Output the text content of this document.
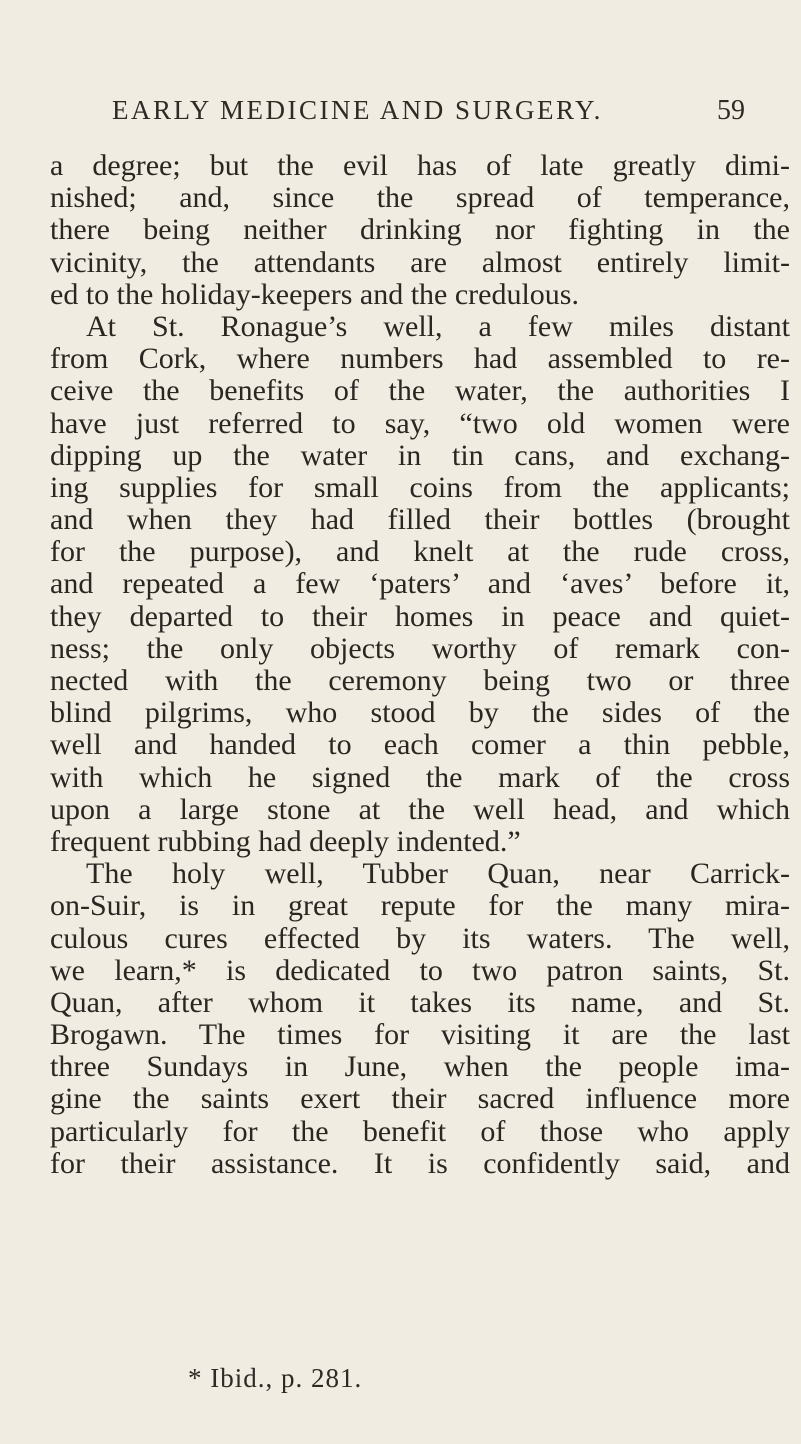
EARLY MEDICINE AND SURGERY.	59
a degree; but the evil has of late greatly dimi-
nished; and, since the spread of temperance,
there being neither drinking nor fighting in the
vicinity, the attendants are almost entirely limit-
ed to the holiday-keepers and the credulous.
At St. Ronague’s well, a few miles distant
from Cork, where numbers had assembled to re-
ceive the benefits of the water, the authorities I
have just referred to say, “two old women were
dipping up the water in tin cans, and exchang-
ing supplies for small coins from the applicants;
and when they had filled their bottles (brought
for the purpose), and knelt at the rude cross,
and repeated a few ‘paters’ and ‘aves’ before it,
they departed to their homes in peace and quiet-
ness; the only objects worthy of remark con-
nected with the ceremony being two or three
blind pilgrims, who stood by the sides of the
well and handed to each comer a thin pebble,
with which he signed the mark of the cross
upon a large stone at the well head, and which
frequent rubbing had deeply indented.”
The holy well, Tubber Quan, near Carrick-
on-Suir, is in great repute for the many mira-
culous cures effected by its waters. The well,
we learn,* is dedicated to two patron saints, St.
Quan, after whom it takes its name, and St.
Brogawn. The times for visiting it are the last
three Sundays in June, when the people ima-
gine the saints exert their sacred influence more
particularly for the benefit of those who apply
for their assistance. It is confidently said, and
* Ibid., p. 281.
